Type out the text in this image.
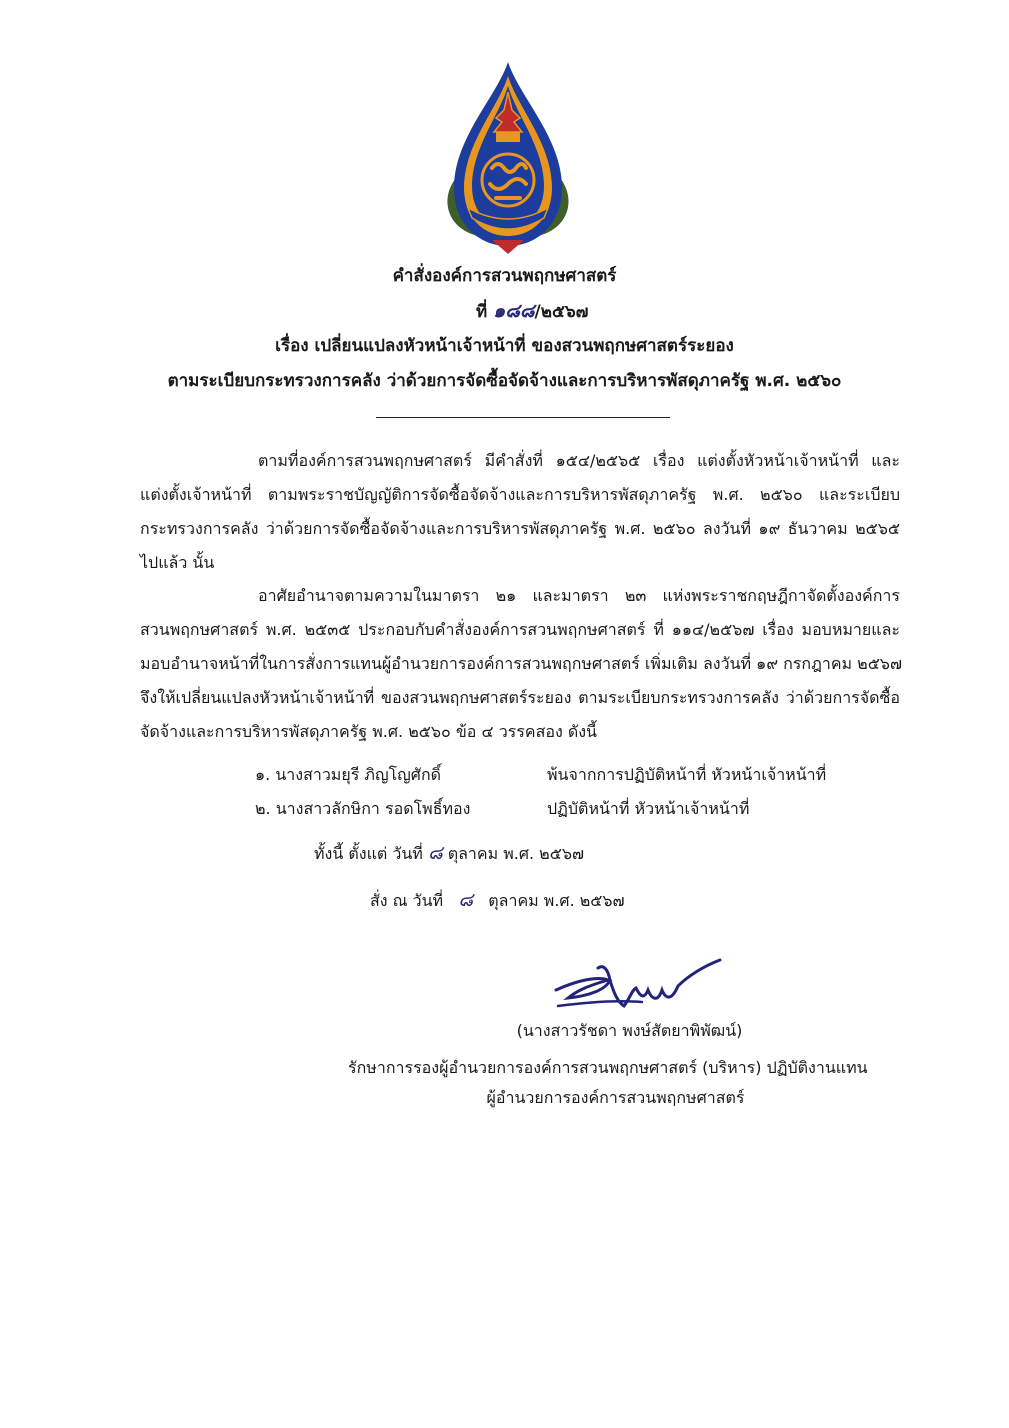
คำสั่งองค์การสวนพฤกษศาสตร์
ที่ ๑๘๘/๒๕๖๗
เรื่อง เปลี่ยนแปลงหัวหน้าเจ้าหน้าที่ ของสวนพฤกษศาสตร์ระยอง
ตามระเบียบกระทรวงการคลัง ว่าด้วยการจัดซื้อจัดจ้างและการบริหารพัสดุภาครัฐ พ.ศ. ๒๕๖๐
ตามที่องค์การสวนพฤกษศาสตร์ มีคำสั่งที่ ๑๕๔/๒๕๖๕ เรื่อง แต่งตั้งหัวหน้าเจ้าหน้าที่ และ
แต่งตั้งเจ้าหน้าที่ ตามพระราชบัญญัติการจัดซื้อจัดจ้างและการบริหารพัสดุภาครัฐ พ.ศ. ๒๕๖๐ และระเบียบ
กระทรวงการคลัง ว่าด้วยการจัดซื้อจัดจ้างและการบริหารพัสดุภาครัฐ พ.ศ. ๒๕๖๐ ลงวันที่ ๑๙ ธันวาคม ๒๕๖๕
ไปแล้ว นั้น
อาศัยอำนาจตามความในมาตรา ๒๑ และมาตรา ๒๓ แห่งพระราชกฤษฎีกาจัดตั้งองค์การ
สวนพฤกษศาสตร์ พ.ศ. ๒๕๓๕ ประกอบกับคำสั่งองค์การสวนพฤกษศาสตร์ ที่ ๑๑๔/๒๕๖๗ เรื่อง มอบหมายและ
มอบอำนาจหน้าที่ในการสั่งการแทนผู้อำนวยการองค์การสวนพฤกษศาสตร์ เพิ่มเติม ลงวันที่ ๑๙ กรกฎาคม ๒๕๖๗
จึงให้เปลี่ยนแปลงหัวหน้าเจ้าหน้าที่ ของสวนพฤกษศาสตร์ระยอง ตามระเบียบกระทรวงการคลัง ว่าด้วยการจัดซื้อ
จัดจ้างและการบริหารพัสดุภาครัฐ พ.ศ. ๒๕๖๐ ข้อ ๔ วรรคสอง ดังนี้
๑. นางสาวมยุรี ภิญโญศักดิ์	พ้นจากการปฏิบัติหน้าที่ หัวหน้าเจ้าหน้าที่
๒. นางสาวลักษิกา รอดโพธิ์ทอง	ปฏิบัติหน้าที่ หัวหน้าเจ้าหน้าที่
ทั้งนี้ ตั้งแต่ วันที่ ๘ ตุลาคม พ.ศ. ๒๕๖๗
สั่ง ณ วันที่ ๘ ตุลาคม พ.ศ. ๒๕๖๗
(นางสาวรัชดา พงษ์สัตยาพิพัฒน์)
รักษาการรองผู้อำนวยการองค์การสวนพฤกษศาสตร์ (บริหาร) ปฏิบัติงานแทน
ผู้อำนวยการองค์การสวนพฤกษศาสตร์
